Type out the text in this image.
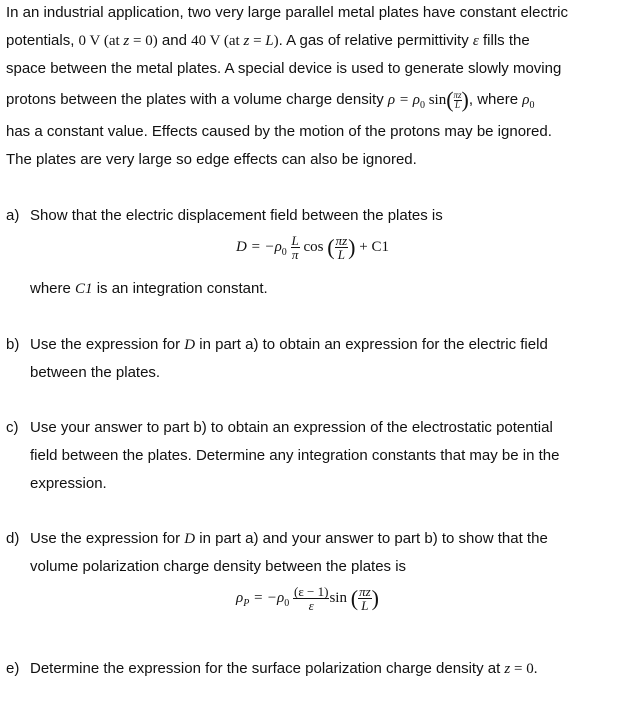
In an industrial application, two very large parallel metal plates have constant electric
potentials, 0 V (at z = 0) and 40 V (at z = L). A gas of relative permittivity ε fills the
space between the metal plates. A special device is used to generate slowly moving
protons between the plates with a volume charge density $\rho = \rho_0$ $\sin( \frac{\pi z}{L}$ ), where $\rho_0$
has a constant value. Effects caused by the motion of the protons may be ignored.
The plates are very large so edge effects can also be ignored.
a) Show that the electric displacement field between the plates is
$D = -\rho_0 \frac{L}{\pi}$ cos ( $\frac{\pi z}{L}$ ) + C1
where C1 is an integration constant.
b) Use the expression for D in part a) to obtain an expression for the electric field
between the plates.
c) Use your answer to part b) to obtain an expression of the electrostatic potential
field between the plates. Determine any integration constants that may be in the
expression.
d) Use the expression for D in part a) and your answer to part b) to show that the
volume polarization charge density between the plates is
$\rho_P = -\rho_0 \frac{(\varepsilon - 1)}{\varepsilon}$ sin ( $\frac{\pi z}{L}$ )
e) Determine the expression for the surface polarization charge density at z = 0.
